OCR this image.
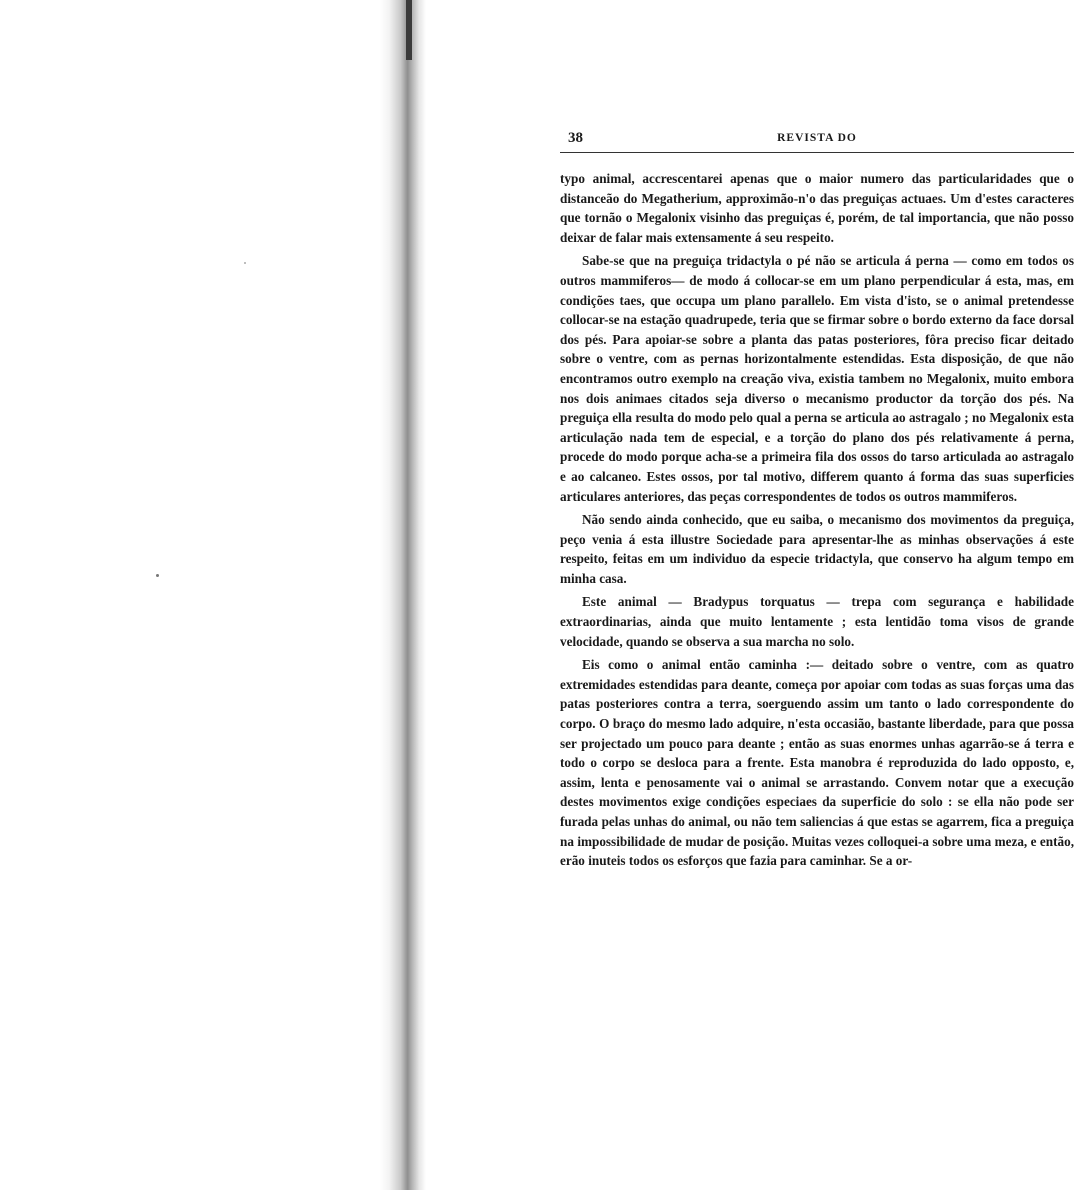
38	REVISTA DO

typo animal, accrescentarei apenas que o maior numero das particularidades que o distanceão do Megatherium, approximão-n'o das preguiças actuaes. Um d'estes caracteres que tornão o Megalonix visinho das preguiças é, porém, de tal importancia, que não posso deixar de falar mais extensamente á seu respeito.

Sabe-se que na preguiça tridactyla o pé não se articula á perna — como em todos os outros mammiferos— de modo á collocar-se em um plano perpendicular á esta, mas, em condições taes, que occupa um plano parallelo. Em vista d'isto, se o animal pretendesse collocar-se na estação quadrupede, teria que se firmar sobre o bordo externo da face dorsal dos pés. Para apoiar-se sobre a planta das patas posteriores, fôra preciso ficar deitado sobre o ventre, com as pernas horizontalmente estendidas. Esta disposição, de que não encontramos outro exemplo na creação viva, existia tambem no Megalonix, muito embora nos dois animaes citados seja diverso o mecanismo productor da torção dos pés. Na preguiça ella resulta do modo pelo qual a perna se articula ao astragalo ; no Megalonix esta articulação nada tem de especial, e a torção do plano dos pés relativamente á perna, procede do modo porque acha-se a primeira fila dos ossos do tarso articulada ao astragalo e ao calcaneo. Estes ossos, por tal motivo, differem quanto á forma das suas superficies articulares anteriores, das peças correspondentes de todos os outros mammiferos.

Não sendo ainda conhecido, que eu saiba, o mecanismo dos movimentos da preguiça, peço venia á esta illustre Sociedade para apresentar-lhe as minhas observações á este respeito, feitas em um individuo da especie tridactyla, que conservo ha algum tempo em minha casa.

Este animal — Bradypus torquatus — trepa com segurança e habilidade extraordinarias, ainda que muito lentamente ; esta lentidão toma visos de grande velocidade, quando se observa a sua marcha no solo.

Eis como o animal então caminha :— deitado sobre o ventre, com as quatro extremidades estendidas para deante, começa por apoiar com todas as suas forças uma das patas posteriores contra a terra, soerguendo assim um tanto o lado correspondente do corpo. O braço do mesmo lado adquire, n'esta occasião, bastante liberdade, para que possa ser projectado um pouco para deante ; então as suas enormes unhas agarrão-se á terra e todo o corpo se desloca para a frente. Esta manobra é reproduzida do lado opposto, e, assim, lenta e penosamente vai o animal se arrastando. Convem notar que a execução destes movimentos exige condições especiaes da superficie do solo : se ella não pode ser furada pelas unhas do animal, ou não tem saliencias á que estas se agarrem, fica a preguiça na impossibilidade de mudar de posição. Muitas vezes colloquei-a sobre uma meza, e então, erão inuteis todos os esforços que fazia para caminhar. Se a or-
